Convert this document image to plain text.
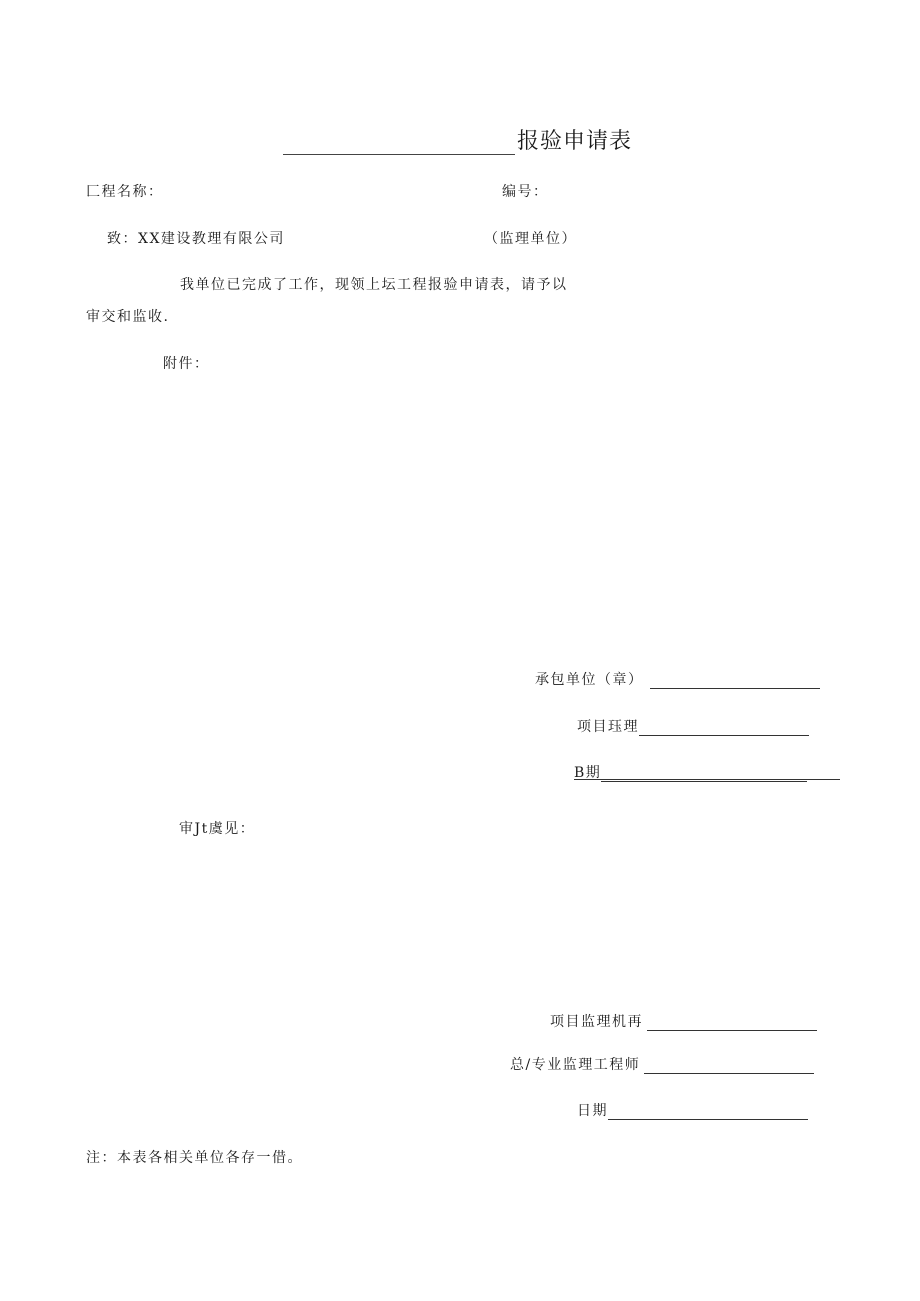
报验申请表
匚程名称：	编号：
致：XX建设教理有限公司	（监理单位）
我单位已完成了工作，现领上坛工程报验申请表，请予以
审交和监收.
附件：
承包单位（章）
项目珏理
B期
审Jt虞见：
项目监理机再
总/专业监理工程师
日期
注：本表各相关单位各存一借。
